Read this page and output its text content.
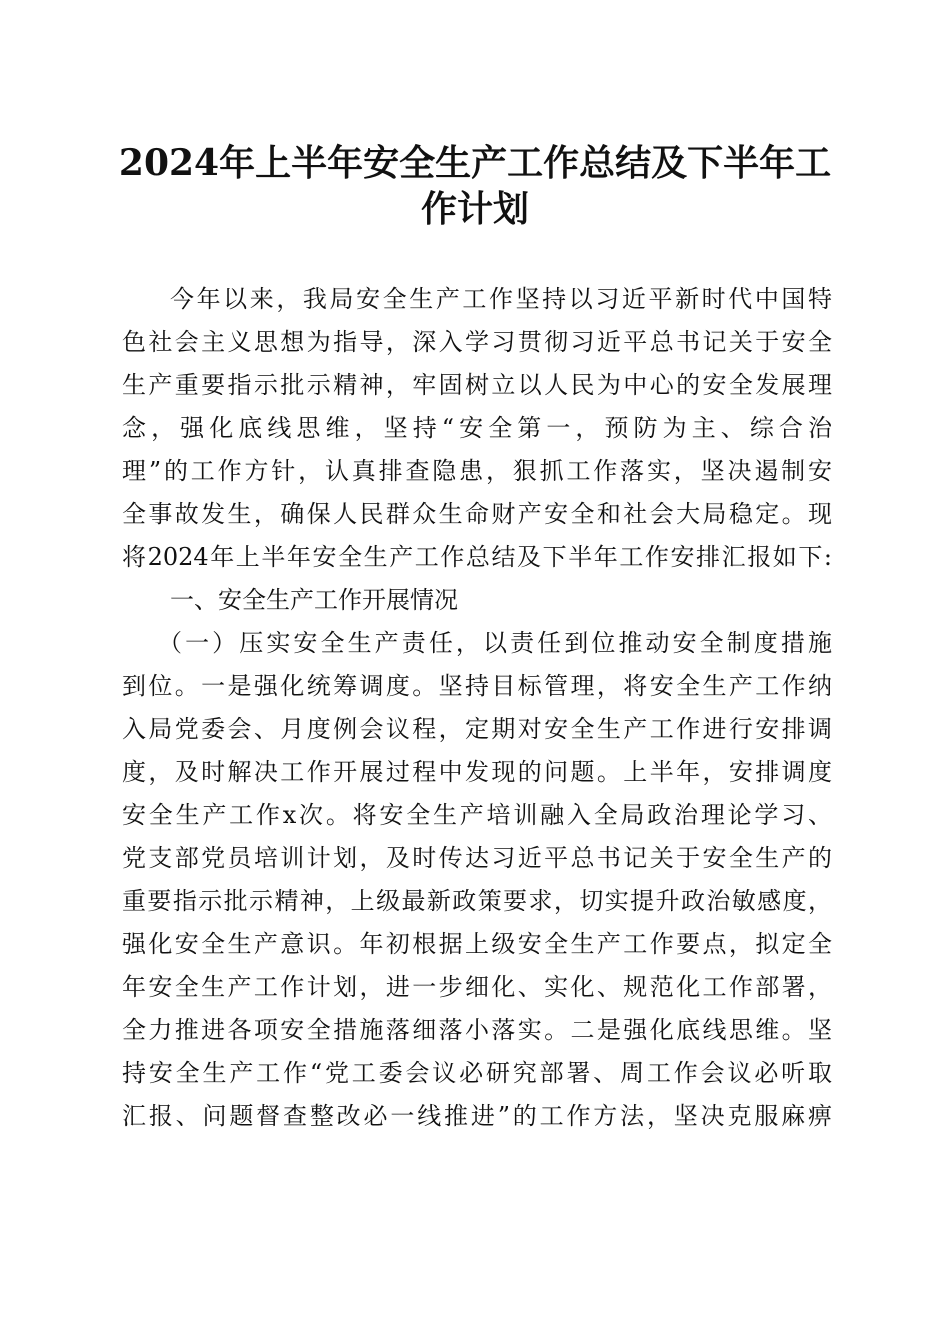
2024年上半年安全生产工作总结及下半年工
作计划
今年以来，我局安全生产工作坚持以习近平新时代中国特
色社会主义思想为指导，深入学习贯彻习近平总书记关于安全
生产重要指示批示精神，牢固树立以人民为中心的安全发展理
念，强化底线思维，坚持“安全第一，预防为主、综合治
理”的工作方针，认真排查隐患，狠抓工作落实，坚决遏制安
全事故发生，确保人民群众生命财产安全和社会大局稳定。现
将2024年上半年安全生产工作总结及下半年工作安排汇报如下:
一、安全生产工作开展情况
（一）压实安全生产责任，以责任到位推动安全制度措施
到位。一是强化统筹调度。坚持目标管理，将安全生产工作纳
入局党委会、月度例会议程，定期对安全生产工作进行安排调
度，及时解决工作开展过程中发现的问题。上半年，安排调度
安全生产工作x次。将安全生产培训融入全局政治理论学习、
党支部党员培训计划，及时传达习近平总书记关于安全生产的
重要指示批示精神，上级最新政策要求，切实提升政治敏感度，
强化安全生产意识。年初根据上级安全生产工作要点，拟定全
年安全生产工作计划，进一步细化、实化、规范化工作部署，
全力推进各项安全措施落细落小落实。二是强化底线思维。坚
持安全生产工作“党工委会议必研究部署、周工作会议必听取
汇报、问题督查整改必一线推进”的工作方法，坚决克服麻痹
